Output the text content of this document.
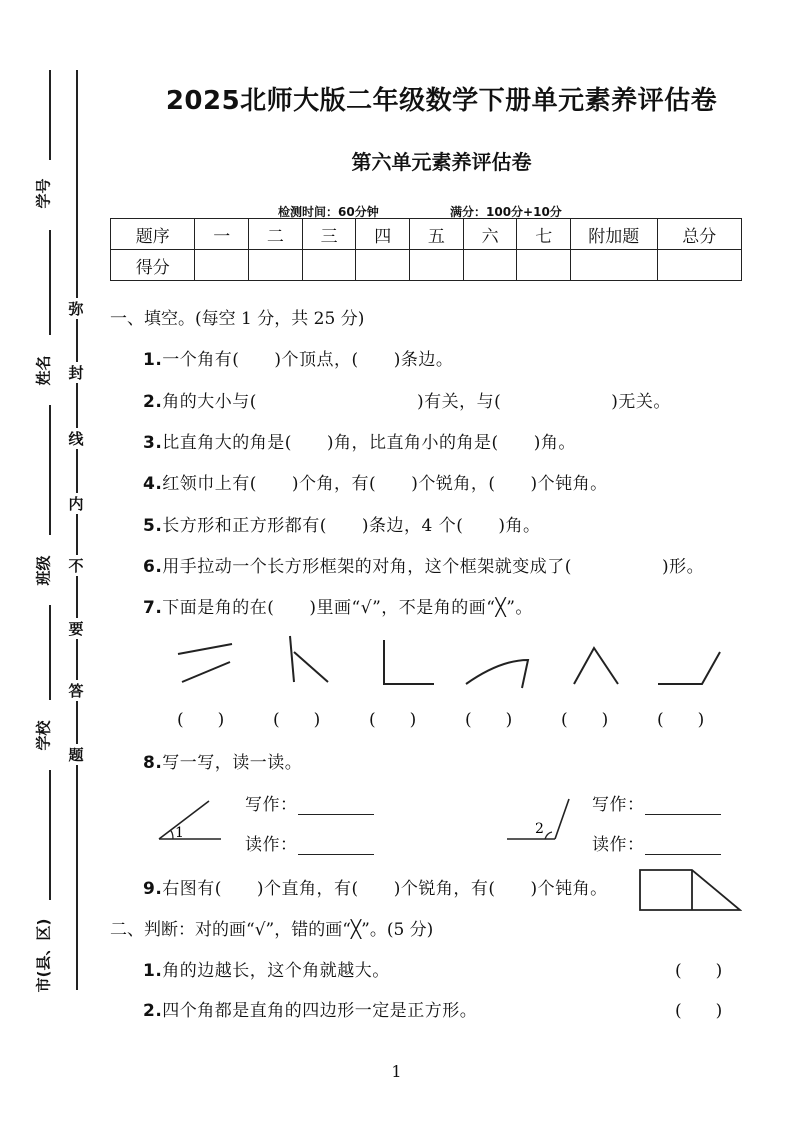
学号
姓名
班级
学校
市(县、区)
弥
封
线
内
不
要
答
题
2025北师大版二年级数学下册单元素养评估卷
第六单元素养评估卷
检测时间：60分钟	满分：100分+10分
题序	一	二	三	四	五	六	七	附加题	总分
得分									
一、填空。(每空 1 分，共 25 分)
1.一个角有(　　)个顶点，(　　)条边。
2.角的大小与(	)有关，与(	)无关。
3.比直角大的角是(　　)角，比直角小的角是(　　)角。
4.红领巾上有(　　)个角，有(　　)个锐角，(　　)个钝角。
5.长方形和正方形都有(　　)条边，4 个(　　)角。
6.用手拉动一个长方形框架的对角，这个框架就变成了(	)形。
7.下面是角的在(　　)里画“√”，不是角的画“╳”。
(　　)	(　　)	(　　)	(　　)	(　　)	(　　)
8.写一写，读一读。
1
写作：
读作：
2
写作：
读作：
9.右图有(　　)个直角，有(　　)个锐角，有(　　)个钝角。
二、判断：对的画“√”，错的画“╳”。(5 分)
1.角的边越长，这个角就越大。	(　　)
2.四个角都是直角的四边形一定是正方形。	(　　)
1
